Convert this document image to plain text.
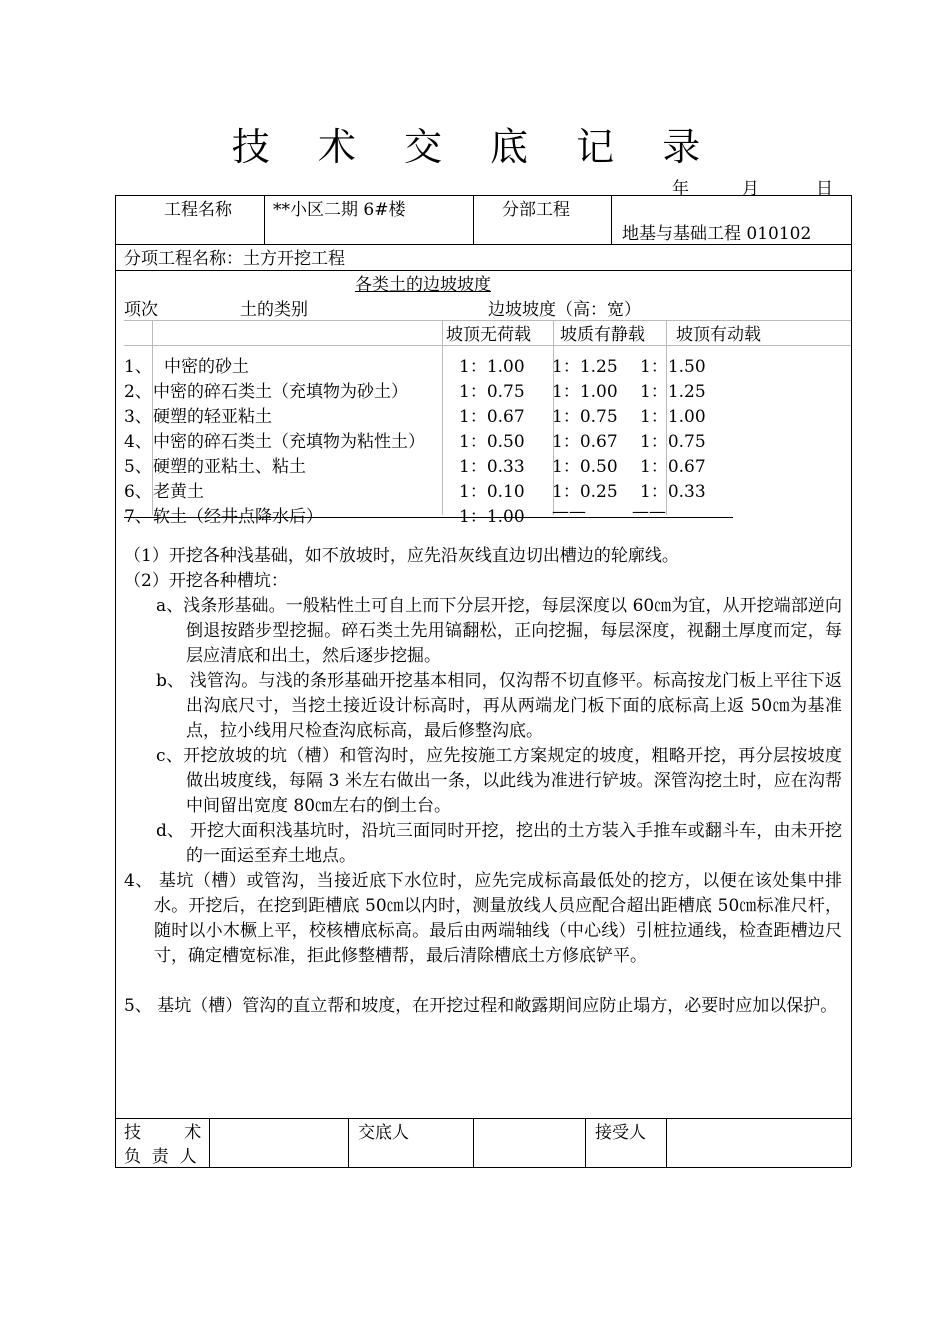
技 术 交 底 记 录
年	月	日
工程名称 **小区二期 6#楼	分部工程
地基与基础工程 010102
分项工程名称：土方开挖工程
各类土的边坡坡度
项次	土的类别	边坡坡度（高：宽）
坡顶无荷载 坡质有静载 坡顶有动载
1、 中密的砂土	1：1.00 1：1.25 1：1.50
2、 中密的碎石类土（充填物为砂土）	1：0.75 1：1.00 1：1.25
3、 硬塑的轻亚粘土	1：0.67 1：0.75 1：1.00
4、 中密的碎石类土（充填物为粘性土） 1：0.50 1：0.67 1：0.75
5、 硬塑的亚粘土、粘土	1：0.33 1：0.50 1：0.67
6、 老黄土	1：0.10 1：0.25 1：0.33
7、 软土（经井点降水后）	1：1.00 ——	——
（1）开挖各种浅基础，如不放坡时，应先沿灰线直边切出槽边的轮廓线。
（2）开挖各种槽坑：

a、浅条形基础。一般粘性土可自上而下分层开挖，每层深度以 60㎝为宜，从开挖端部逆向倒退按踏步型挖掘。碎石类土先用镐翻松，正向挖掘，每层深度，视翻土厚度而定，每层应清底和出土，然后逐步挖掘。

b、 浅管沟。与浅的条形基础开挖基本相同，仅沟帮不切直修平。标高按龙门板上平往下返出沟底尺寸，当挖土接近设计标高时，再从两端龙门板下面的底标高上返 50㎝为基准点，拉小线用尺检查沟底标高，最后修整沟底。

c、开挖放坡的坑（槽）和管沟时，应先按施工方案规定的坡度，粗略开挖，再分层按坡度做出坡度线，每隔 3 米左右做出一条，以此线为准进行铲坡。深管沟挖土时，应在沟帮中间留出宽度 80㎝左右的倒土台。

d、 开挖大面积浅基坑时，沿坑三面同时开挖，挖出的土方装入手推车或翻斗车，由未开挖的一面运至弃土地点。

4、 基坑（槽）或管沟，当接近底下水位时，应先完成标高最低处的挖方，以便在该处集中排水。开挖后，在挖到距槽底 50㎝以内时，测量放线人员应配合超出距槽底 50㎝标准尺杆，随时以小木橛上平，校核槽底标高。最后由两端轴线（中心线）引桩拉通线，检查距槽边尺寸，确定槽宽标准，拒此修整槽帮，最后清除槽底土方修底铲平。

5、 基坑（槽）管沟的直立帮和坡度，在开挖过程和敞露期间应防止塌方，必要时应加以保护。

技        术
负  责  人
交底人	接受人
